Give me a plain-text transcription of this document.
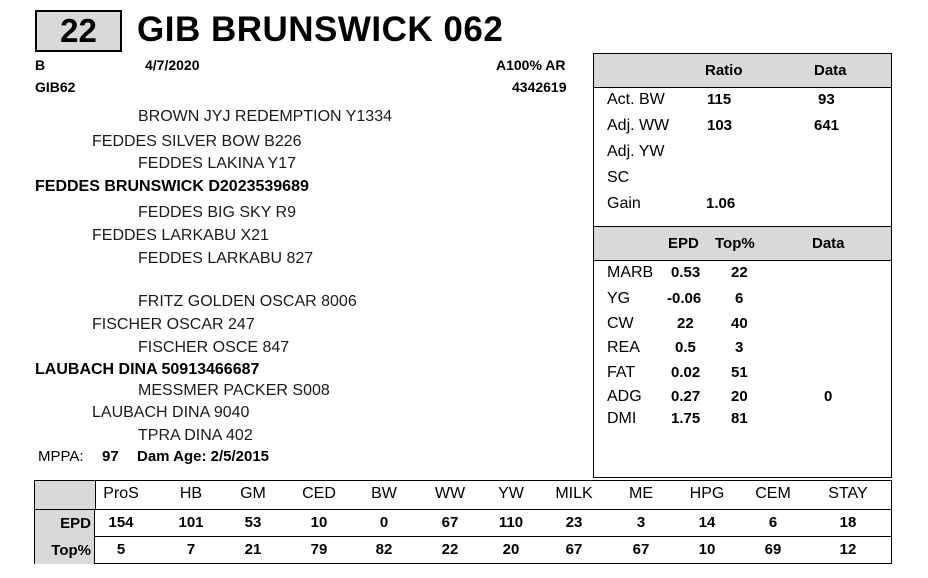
22	GIB BRUNSWICK 062
B	4/7/2020	A100% AR
GIB62	4342619
BROWN JYJ REDEMPTION Y1334
FEDDES SILVER BOW B226
FEDDES LAKINA Y17
FEDDES BRUNSWICK D2023539689
FEDDES BIG SKY R9
FEDDES LARKABU X21
FEDDES LARKABU 827
FRITZ GOLDEN OSCAR 8006
FISCHER OSCAR 247
FISCHER OSCE 847
LAUBACH DINA 50913466687
MESSMER PACKER S008
LAUBACH DINA 9040
TPRA DINA 402
MPPA: 97 Dam Age: 2/5/2015
Ratio	Data
Act. BW	115	93
Adj. WW	103	641
Adj. YW
SC
Gain	1.06
EPD Top%	Data
MARB 0.53 22
YG -0.06 6
CW	22 40
REA 0.5	3
FAT 0.02 51
ADG 0.27 20	0
DMI 1.75 81
EPD
Top%
ProS	HB	GM	CED	BW	WW	YW	MILK	ME	HPG	CEM	STAY
154	101	53	10	0	67	110	23	3	14	6	18
5	7	21	79	82	22	20	67	67	10	69	12
